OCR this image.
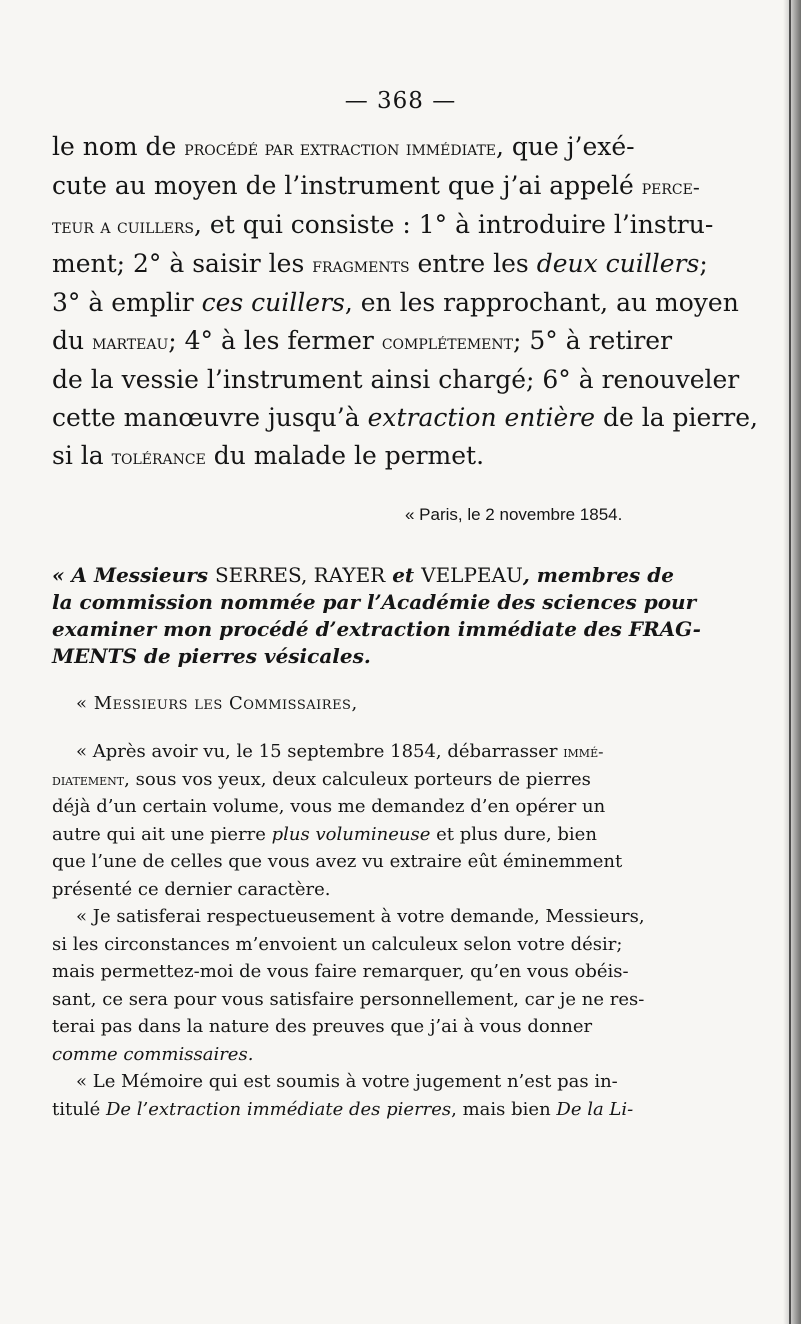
— 368 —
le nom de procédé par extraction immédiate, que j’exé-
cute au moyen de l’instrument que j’ai appelé perce-
teur a cuillers, et qui consiste : 1° à introduire l’instru-
ment; 2° à saisir les fragments entre les deux cuillers;
3° à emplir ces cuillers, en les rapprochant, au moyen
du marteau; 4° à les fermer complétement; 5° à retirer
de la vessie l’instrument ainsi chargé; 6° à renouveler
cette manœuvre jusqu’à extraction entière de la pierre,
si la tolérance du malade le permet.
« Paris, le 2 novembre 1854.
« A Messieurs SERRES, RAYER et VELPEAU, membres de
la commission nommée par l’Académie des sciences pour
examiner mon procédé d’extraction immédiate des FRAG-
MENTS de pierres vésicales.
« Messieurs les Commissaires,
« Après avoir vu, le 15 septembre 1854, débarrasser immé-
diatement, sous vos yeux, deux calculeux porteurs de pierres
déjà d’un certain volume, vous me demandez d’en opérer un
autre qui ait une pierre plus volumineuse et plus dure, bien
que l’une de celles que vous avez vu extraire eût éminemment
présenté ce dernier caractère.
« Je satisferai respectueusement à votre demande, Messieurs,
si les circonstances m’envoient un calculeux selon votre désir;
mais permettez-moi de vous faire remarquer, qu’en vous obéis-
sant, ce sera pour vous satisfaire personnellement, car je ne res-
terai pas dans la nature des preuves que j’ai à vous donner
comme commissaires.
« Le Mémoire qui est soumis à votre jugement n’est pas in-
titulé De l’extraction immédiate des pierres, mais bien De la Li-
